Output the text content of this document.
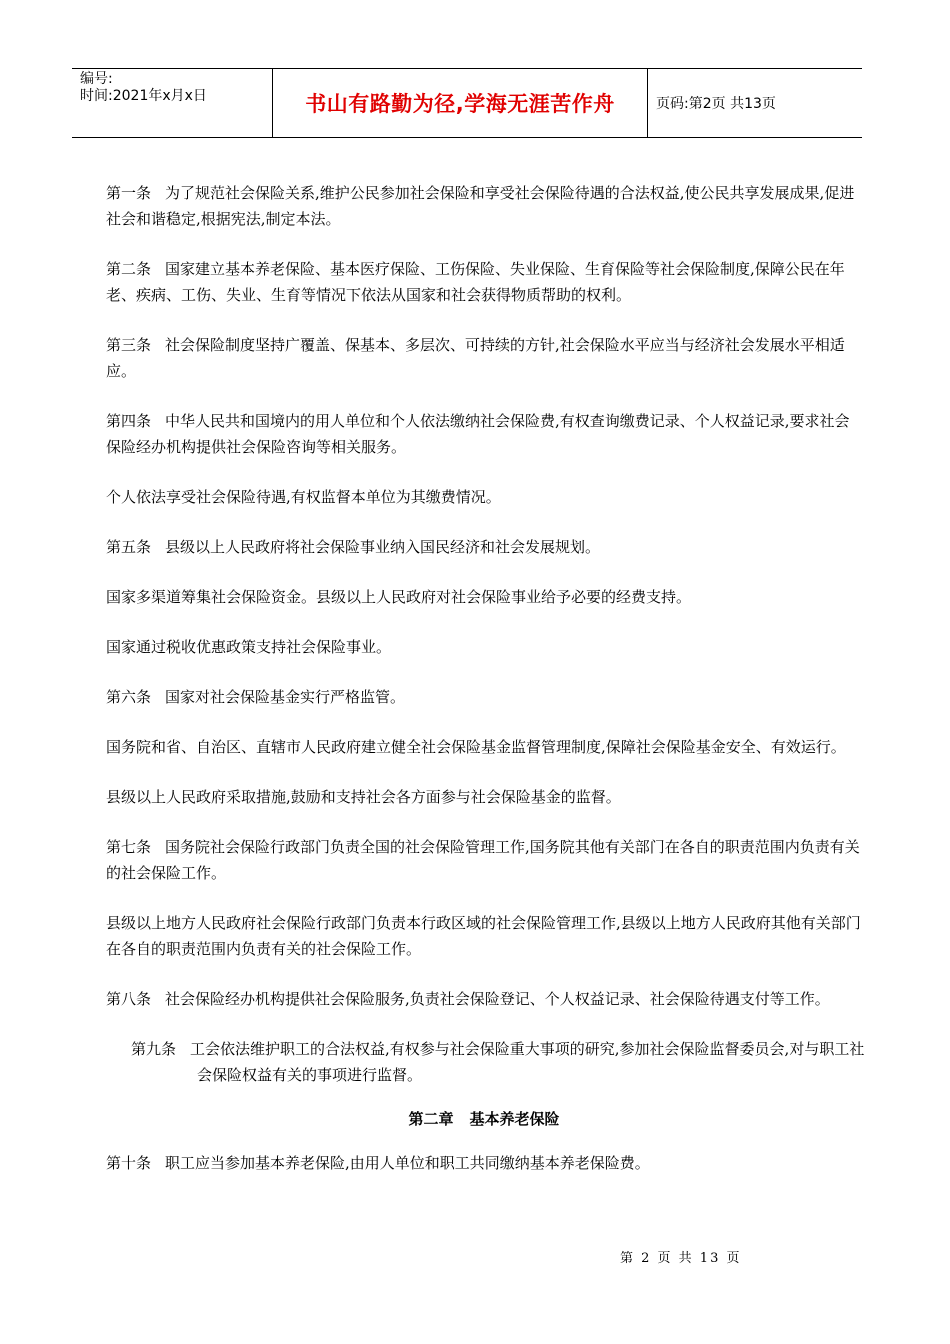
编号:
时间:2021年x月x日	书山有路勤为径,学海无涯苦作舟	页码:第2页 共13页

第一条 为了规范社会保险关系,维护公民参加社会保险和享受社会保险待遇的合法权益,使公民共享发展成果,促进社会和谐稳定,根据宪法,制定本法。

第二条 国家建立基本养老保险、基本医疗保险、工伤保险、失业保险、生育保险等社会保险制度,保障公民在年老、疾病、工伤、失业、生育等情况下依法从国家和社会获得物质帮助的权利。

第三条 社会保险制度坚持广覆盖、保基本、多层次、可持续的方针,社会保险水平应当与经济社会发展水平相适应。

第四条 中华人民共和国境内的用人单位和个人依法缴纳社会保险费,有权查询缴费记录、个人权益记录,要求社会保险经办机构提供社会保险咨询等相关服务。

个人依法享受社会保险待遇,有权监督本单位为其缴费情况。

第五条 县级以上人民政府将社会保险事业纳入国民经济和社会发展规划。

国家多渠道筹集社会保险资金。县级以上人民政府对社会保险事业给予必要的经费支持。

国家通过税收优惠政策支持社会保险事业。

第六条 国家对社会保险基金实行严格监管。

国务院和省、自治区、直辖市人民政府建立健全社会保险基金监督管理制度,保障社会保险基金安全、有效运行。

县级以上人民政府采取措施,鼓励和支持社会各方面参与社会保险基金的监督。

第七条 国务院社会保险行政部门负责全国的社会保险管理工作,国务院其他有关部门在各自的职责范围内负责有关的社会保险工作。

县级以上地方人民政府社会保险行政部门负责本行政区域的社会保险管理工作,县级以上地方人民政府其他有关部门在各自的职责范围内负责有关的社会保险工作。

第八条 社会保险经办机构提供社会保险服务,负责社会保险登记、个人权益记录、社会保险待遇支付等工作。

第九条 工会依法维护职工的合法权益,有权参与社会保险重大事项的研究,参加社会保险监督委员会,对与职工社会保险权益有关的事项进行监督。

第二章 基本养老保险

第十条 职工应当参加基本养老保险,由用人单位和职工共同缴纳基本养老保险费。

第 2 页 共 13 页
